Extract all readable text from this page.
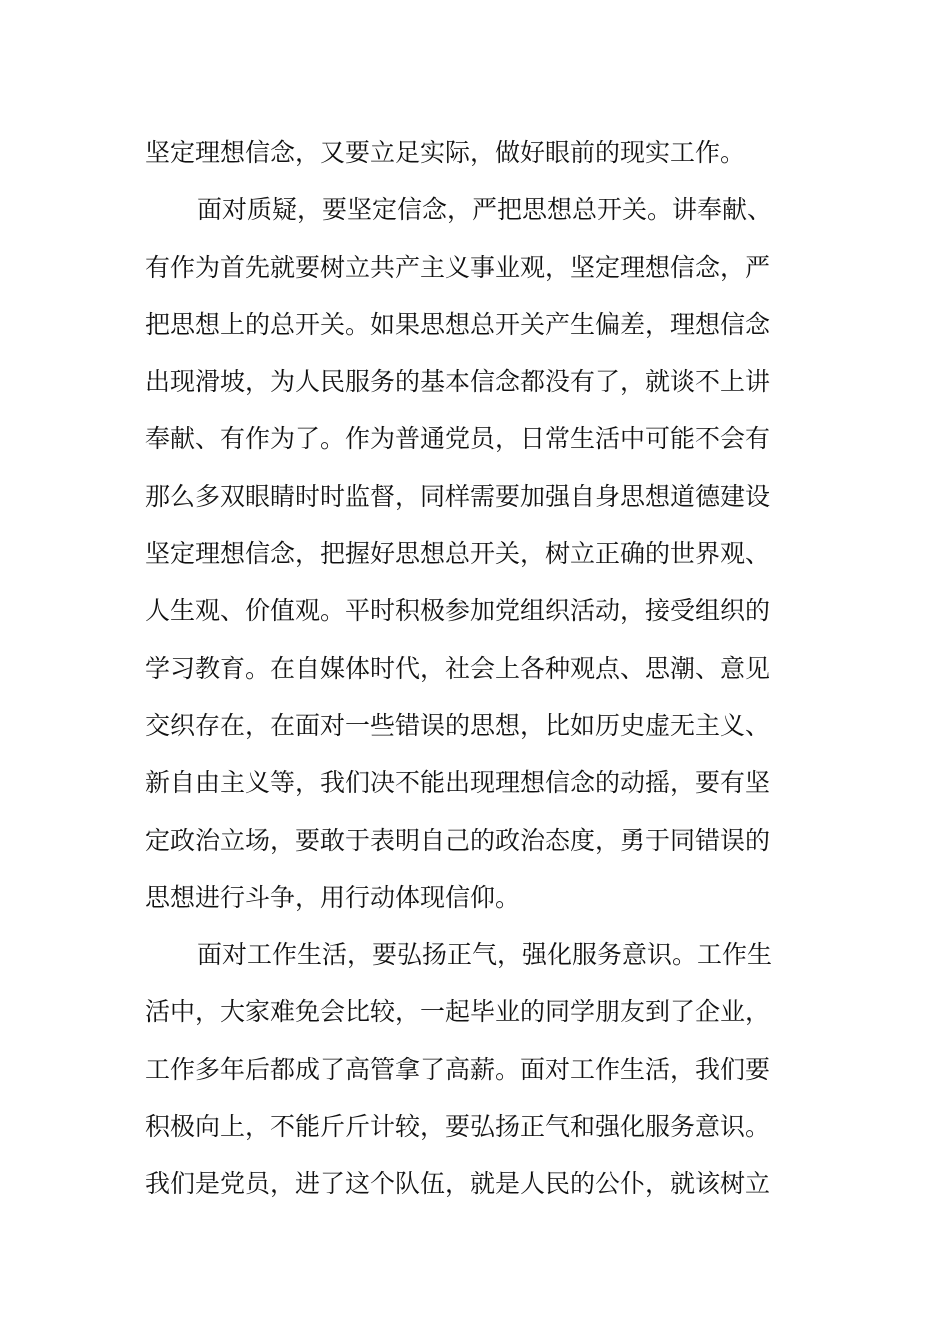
坚定理想信念，又要立足实际，做好眼前的现实工作。
面对质疑，要坚定信念，严把思想总开关。讲奉献、
有作为首先就要树立共产主义事业观，坚定理想信念，严
把思想上的总开关。如果思想总开关产生偏差，理想信念
出现滑坡，为人民服务的基本信念都没有了，就谈不上讲
奉献、有作为了。作为普通党员，日常生活中可能不会有
那么多双眼睛时时监督，同样需要加强自身思想道德建设
坚定理想信念，把握好思想总开关，树立正确的世界观、
人生观、价值观。平时积极参加党组织活动，接受组织的
学习教育。在自媒体时代，社会上各种观点、思潮、意见
交织存在，在面对一些错误的思想，比如历史虚无主义、
新自由主义等，我们决不能出现理想信念的动摇，要有坚
定政治立场，要敢于表明自己的政治态度，勇于同错误的
思想进行斗争，用行动体现信仰。
面对工作生活，要弘扬正气，强化服务意识。工作生
活中，大家难免会比较，一起毕业的同学朋友到了企业，
工作多年后都成了高管拿了高薪。面对工作生活，我们要
积极向上，不能斤斤计较，要弘扬正气和强化服务意识。
我们是党员，进了这个队伍，就是人民的公仆，就该树立
